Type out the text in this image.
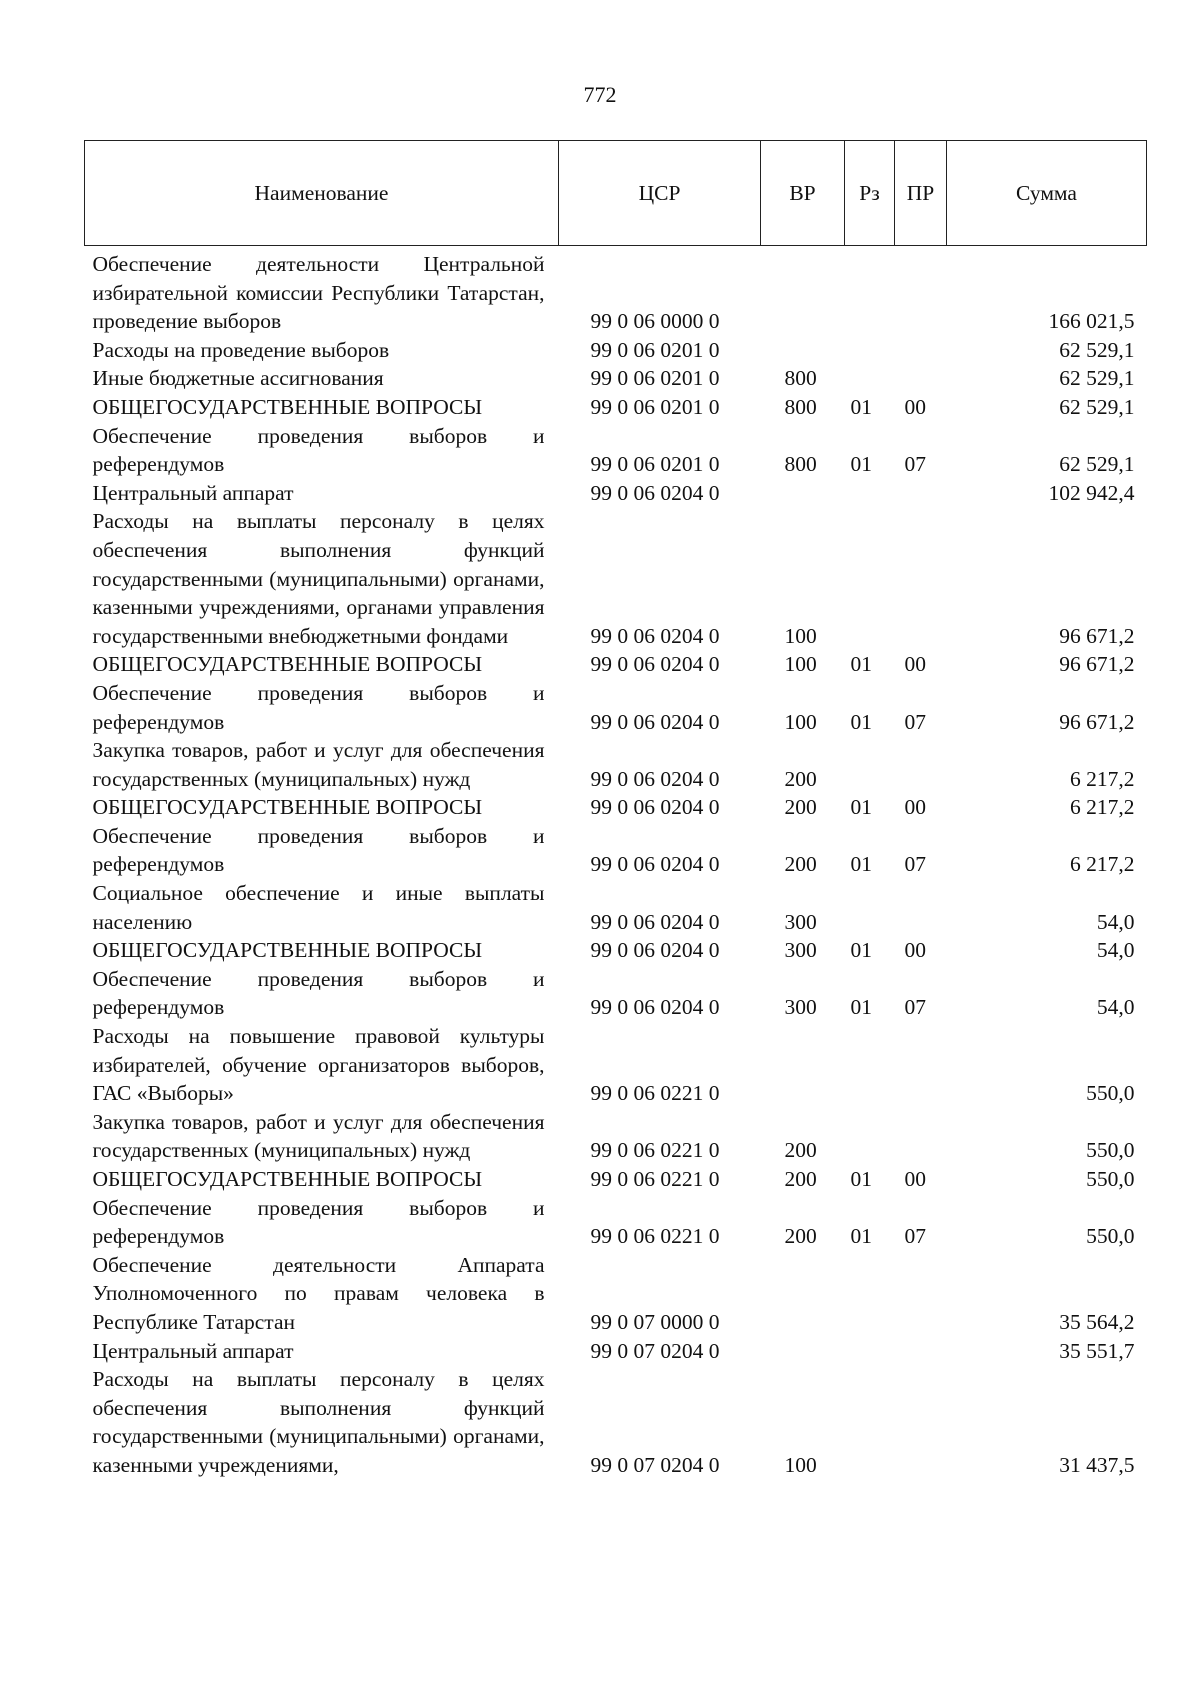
772
Наименование	ЦСР	ВР	Рз	ПР	Сумма
Обеспечение деятельности Центральной избирательной комиссии Республики Татарстан, проведение выборов	99 0 06 0000 0				166 021,5
Расходы на проведение выборов	99 0 06 0201 0				62 529,1
Иные бюджетные ассигнования	99 0 06 0201 0	800			62 529,1
ОБЩЕГОСУДАРСТВЕННЫЕ ВОПРОСЫ	99 0 06 0201 0	800	01	00	62 529,1
Обеспечение проведения выборов и референдумов	99 0 06 0201 0	800	01	07	62 529,1
Центральный аппарат	99 0 06 0204 0				102 942,4
Расходы на выплаты персоналу в целях обеспечения выполнения функций государственными (муниципальными) органами, казенными учреждениями, органами управления государственными внебюджетными фондами	99 0 06 0204 0	100			96 671,2
ОБЩЕГОСУДАРСТВЕННЫЕ ВОПРОСЫ	99 0 06 0204 0	100	01	00	96 671,2
Обеспечение проведения выборов и референдумов	99 0 06 0204 0	100	01	07	96 671,2
Закупка товаров, работ и услуг для обеспечения государственных (муниципальных) нужд	99 0 06 0204 0	200			6 217,2
ОБЩЕГОСУДАРСТВЕННЫЕ ВОПРОСЫ	99 0 06 0204 0	200	01	00	6 217,2
Обеспечение проведения выборов и референдумов	99 0 06 0204 0	200	01	07	6 217,2
Социальное обеспечение и иные выплаты населению	99 0 06 0204 0	300			54,0
ОБЩЕГОСУДАРСТВЕННЫЕ ВОПРОСЫ	99 0 06 0204 0	300	01	00	54,0
Обеспечение проведения выборов и референдумов	99 0 06 0204 0	300	01	07	54,0
Расходы на повышение правовой культуры избирателей, обучение организаторов выборов, ГАС «Выборы»	99 0 06 0221 0				550,0
Закупка товаров, работ и услуг для обеспечения государственных (муниципальных) нужд	99 0 06 0221 0	200			550,0
ОБЩЕГОСУДАРСТВЕННЫЕ ВОПРОСЫ	99 0 06 0221 0	200	01	00	550,0
Обеспечение проведения выборов и референдумов	99 0 06 0221 0	200	01	07	550,0
Обеспечение деятельности Аппарата Уполномоченного по правам человека в Республике Татарстан	99 0 07 0000 0				35 564,2
Центральный аппарат	99 0 07 0204 0				35 551,7
Расходы на выплаты персоналу в целях обеспечения выполнения функций государственными (муниципальными) органами, казенными учреждениями,	99 0 07 0204 0	100			31 437,5
